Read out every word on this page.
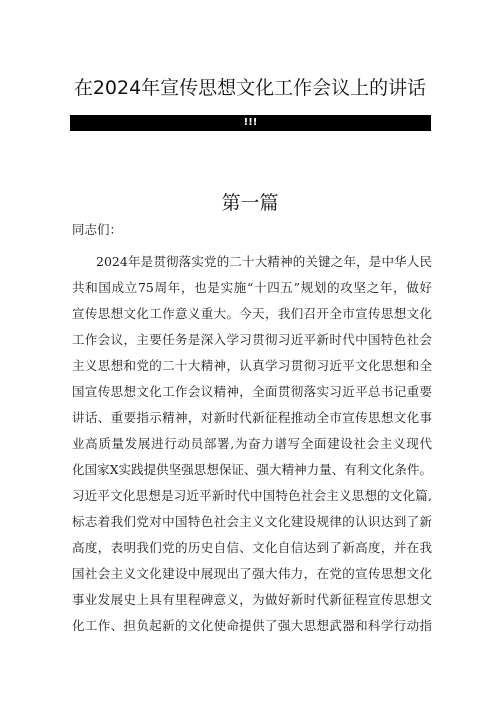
在2024年宣传思想文化工作会议上的讲话
!!!
第一篇
同志们：
2024年是贯彻落实党的二十大精神的关键之年，是中华人民
共和国成立75周年，也是实施“十四五”规划的攻坚之年，做好
宣传思想文化工作意义重大。今天，我们召开全市宣传思想文化
工作会议，主要任务是深入学习贯彻习近平新时代中国特色社会
主义思想和党的二十大精神，认真学习贯彻习近平文化思想和全
国宣传思想文化工作会议精神，全面贯彻落实习近平总书记重要
讲话、重要指示精神，对新时代新征程推动全市宣传思想文化事
业高质量发展进行动员部署,为奋力谱写全面建设社会主义现代
化国家X实践提供坚强思想保证、强大精神力量、有利文化条件。
习近平文化思想是习近平新时代中国特色社会主义思想的文化篇,
标志着我们党对中国特色社会主义文化建设规律的认识达到了新
高度，表明我们党的历史自信、文化自信达到了新高度，并在我
国社会主义文化建设中展现出了强大伟力，在党的宣传思想文化
事业发展史上具有里程碑意义，为做好新时代新征程宣传思想文
化工作、担负起新的文化使命提供了强大思想武器和科学行动指
